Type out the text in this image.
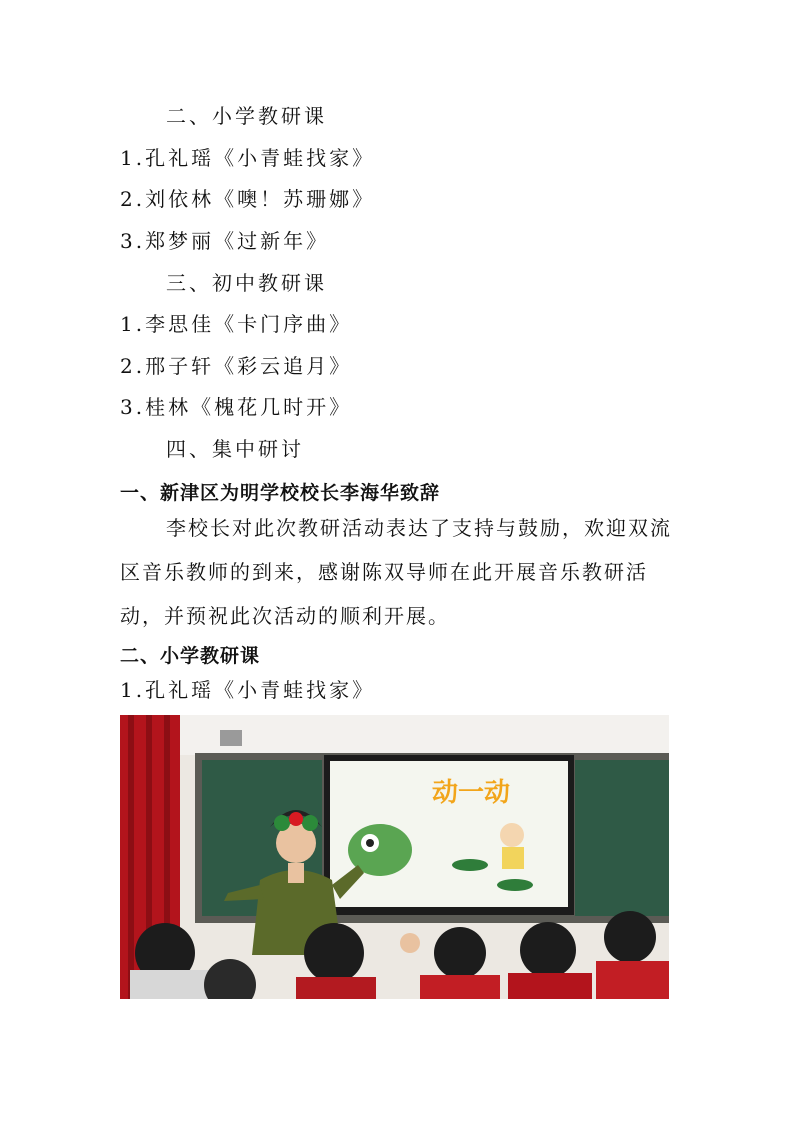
二、小学教研课
1.孔礼瑶《小青蛙找家》
2.刘依林《噢！苏珊娜》
3.郑梦丽《过新年》
三、初中教研课
1.李思佳《卡门序曲》
2.邢子轩《彩云追月》
3.桂林《槐花几时开》
四、集中研讨
一、新津区为明学校校长李海华致辞
李校长对此次教研活动表达了支持与鼓励，欢迎双流区音乐教师的到来，感谢陈双导师在此开展音乐教研活动，并预祝此次活动的顺利开展。
二、小学教研课
1.孔礼瑶《小青蛙找家》
动一动
